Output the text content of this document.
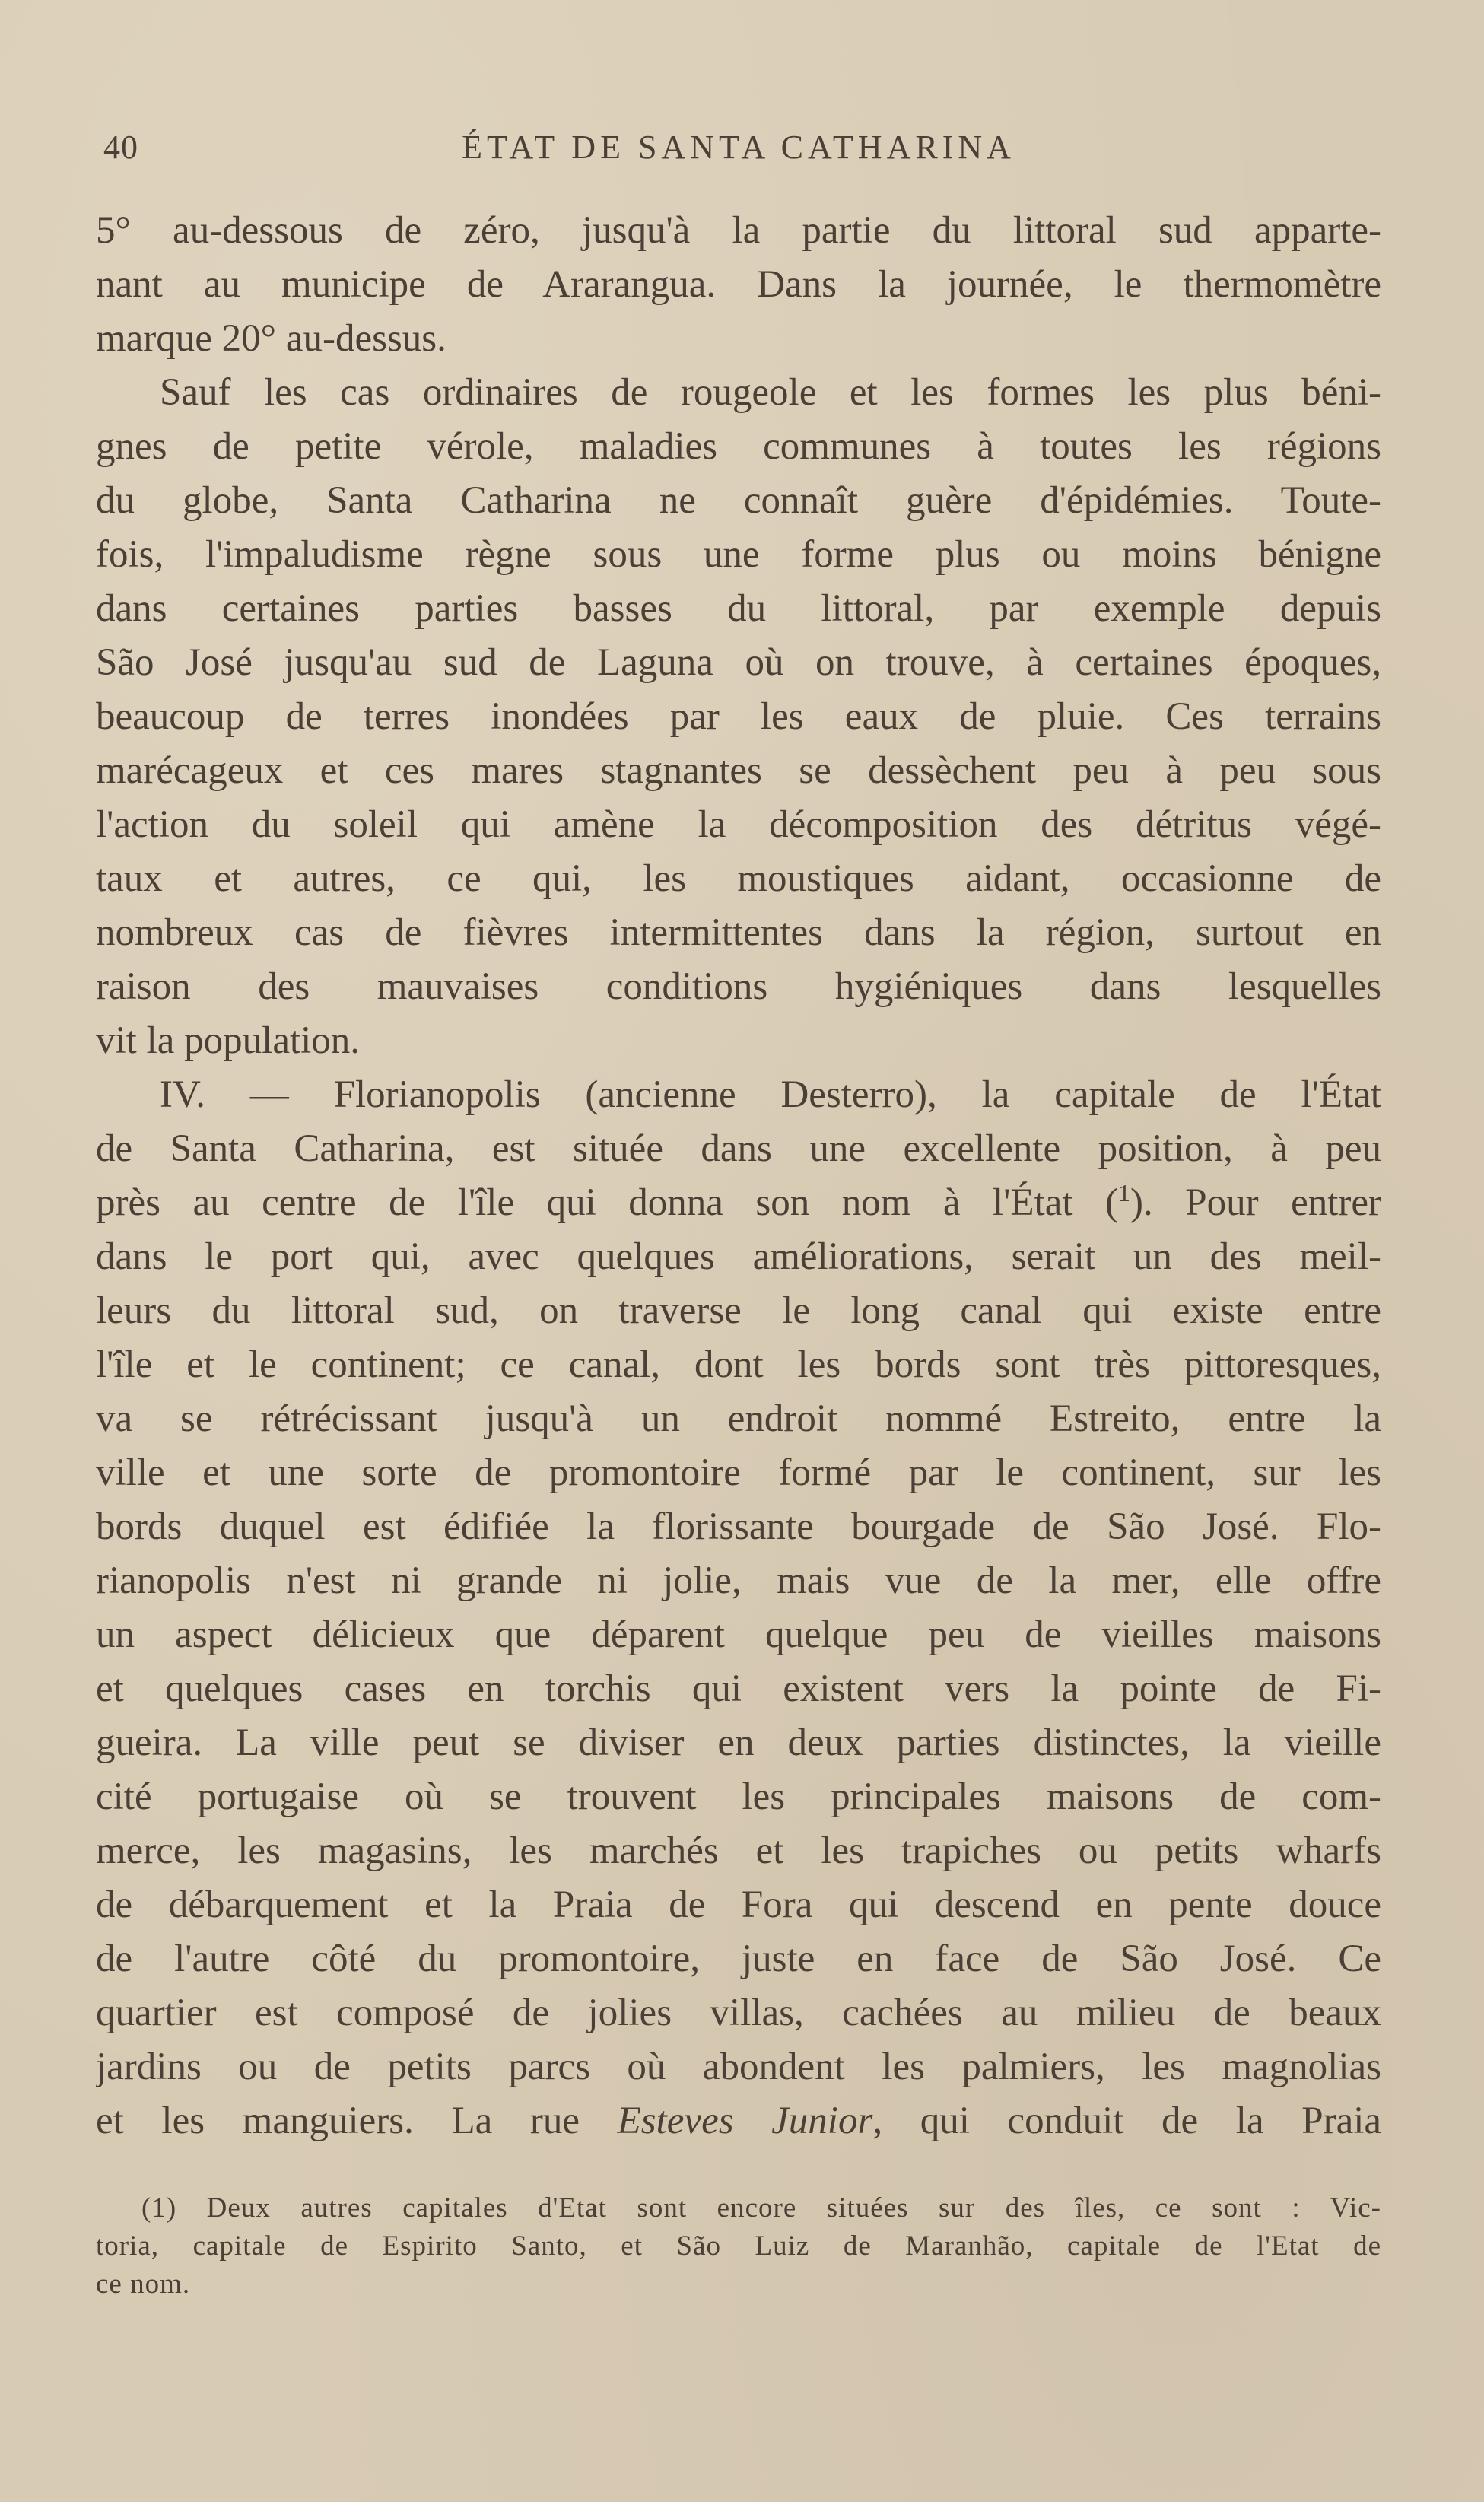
40	ÉTAT DE SANTA CATHARINA
5° au-dessous de zéro, jusqu'à la partie du littoral sud apparte-
nant au municipe de Ararangua. Dans la journée, le thermomètre
marque 20° au-dessus.
Sauf les cas ordinaires de rougeole et les formes les plus béni-
gnes de petite vérole, maladies communes à toutes les régions
du globe, Santa Catharina ne connaît guère d'épidémies. Toute-
fois, l'impaludisme règne sous une forme plus ou moins bénigne
dans certaines parties basses du littoral, par exemple depuis
São José jusqu'au sud de Laguna où on trouve, à certaines époques,
beaucoup de terres inondées par les eaux de pluie. Ces terrains
marécageux et ces mares stagnantes se dessèchent peu à peu sous
l'action du soleil qui amène la décomposition des détritus végé-
taux et autres, ce qui, les moustiques aidant, occasionne de
nombreux cas de fièvres intermittentes dans la région, surtout en
raison des mauvaises conditions hygiéniques dans lesquelles
vit la population.
IV. — Florianopolis (ancienne Desterro), la capitale de l'État
de Santa Catharina, est située dans une excellente position, à peu
près au centre de l'île qui donna son nom à l'État ($^1$). Pour entrer
dans le port qui, avec quelques améliorations, serait un des meil-
leurs du littoral sud, on traverse le long canal qui existe entre
l'île et le continent; ce canal, dont les bords sont très pittoresques,
va se rétrécissant jusqu'à un endroit nommé Estreito, entre la
ville et une sorte de promontoire formé par le continent, sur les
bords duquel est édifiée la florissante bourgade de São José. Flo-
rianopolis n'est ni grande ni jolie, mais vue de la mer, elle offre
un aspect délicieux que déparent quelque peu de vieilles maisons
et quelques cases en torchis qui existent vers la pointe de Fi-
gueira. La ville peut se diviser en deux parties distinctes, la vieille
cité portugaise où se trouvent les principales maisons de com-
merce, les magasins, les marchés et les trapiches ou petits wharfs
de débarquement et la Praia de Fora qui descend en pente douce
de l'autre côté du promontoire, juste en face de São José. Ce
quartier est composé de jolies villas, cachées au milieu de beaux
jardins ou de petits parcs où abondent les palmiers, les magnolias
et les manguiers. La rue Esteves Junior, qui conduit de la Praia
(1) Deux autres capitales d'Etat sont encore situées sur des îles, ce sont : Vic-
toria, capitale de Espirito Santo, et São Luiz de Maranhão, capitale de l'Etat de
ce nom.
